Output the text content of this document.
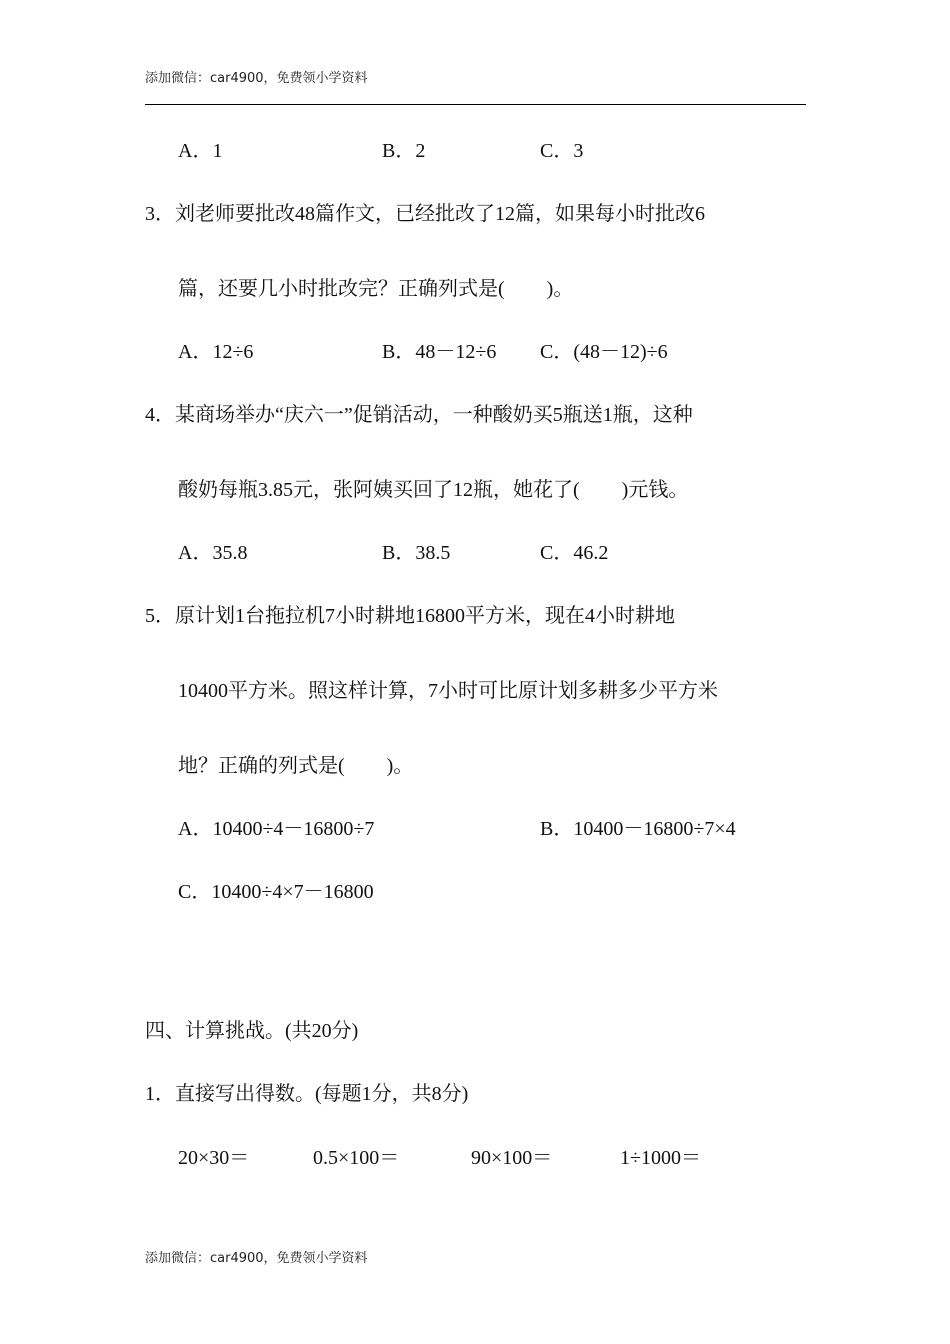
添加微信：car4900，免费领小学资料
A．1	B．2	C．3
3．刘老师要批改48篇作文，已经批改了12篇，如果每小时批改6
篇，还要几小时批改完？正确列式是( )。
A．12÷6	B．48－12÷6 C．(48－12)÷6
4．某商场举办“庆六一”促销活动，一种酸奶买5瓶送1瓶，这种
酸奶每瓶3.85元，张阿姨买回了12瓶，她花了( )元钱。
A．35.8	B．38.5	C．46.2
5．原计划1台拖拉机7小时耕地16800平方米，现在4小时耕地
10400平方米。照这样计算，7小时可比原计划多耕多少平方米
地？正确的列式是( )。
A．10400÷4－16800÷7	B．10400－16800÷7×4
C．10400÷4×7－16800
四、计算挑战。(共20分)
1．直接写出得数。(每题1分，共8分)
20×30＝	0.5×100＝	90×100＝	1÷1000＝
添加微信：car4900，免费领小学资料
